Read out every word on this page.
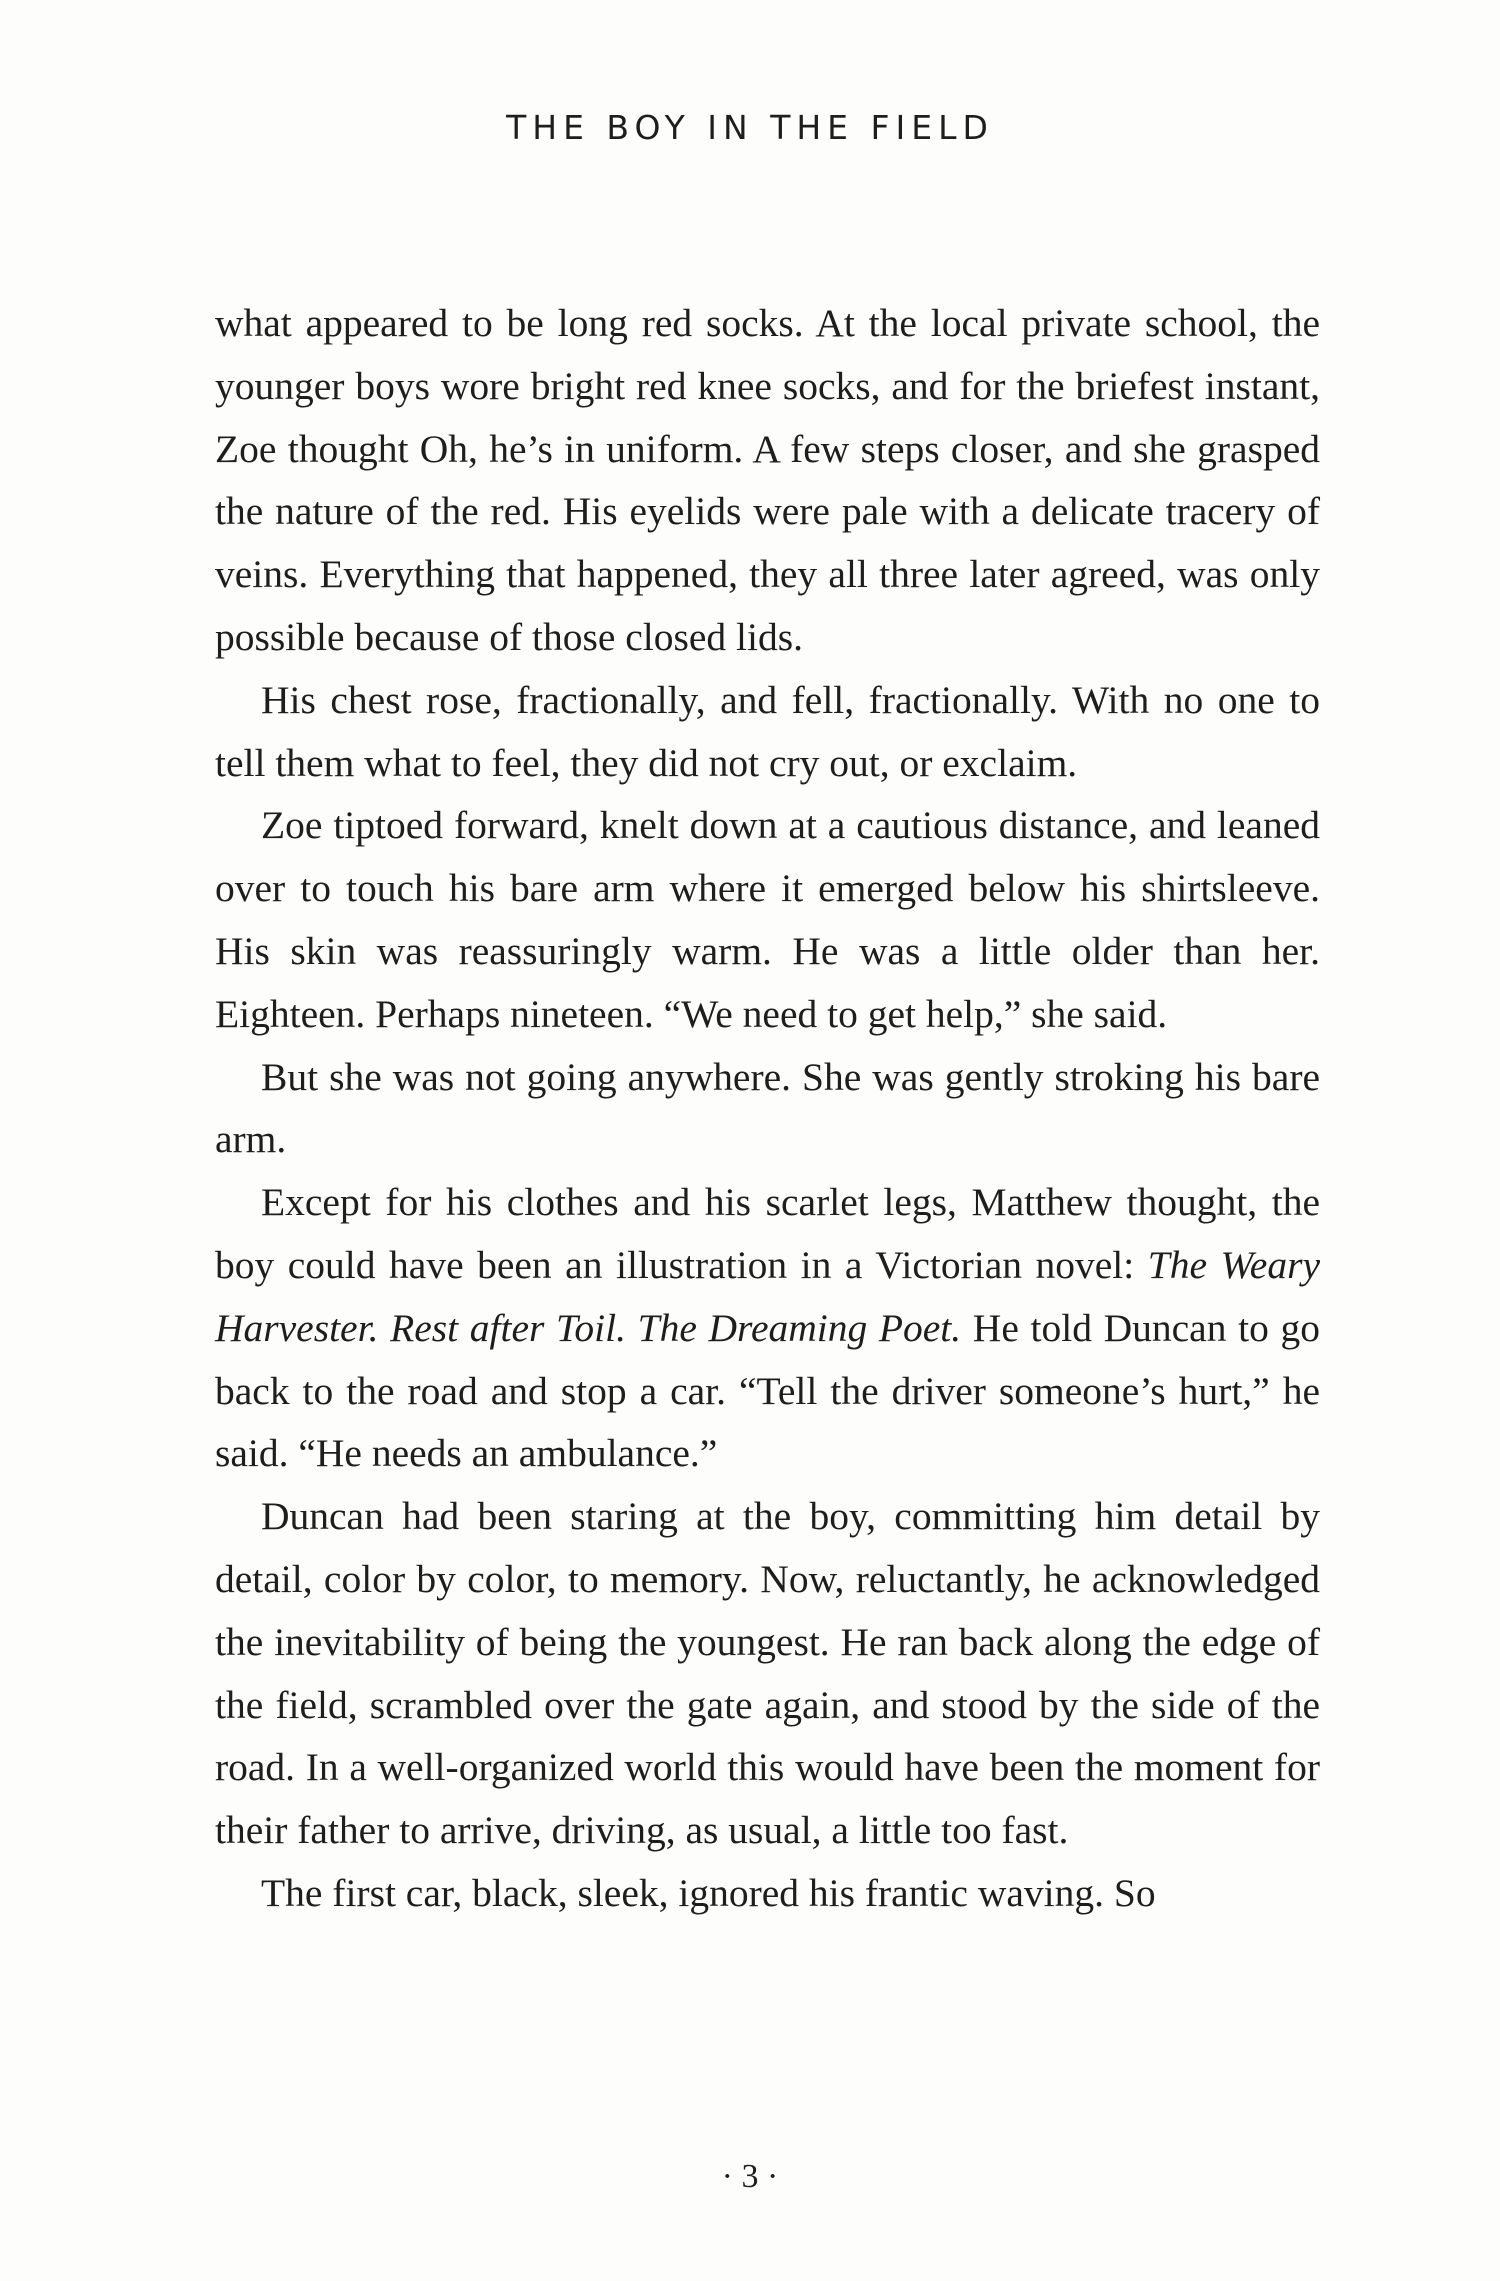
THE BOY IN THE FIELD

what appeared to be long red socks. At the local private school, the younger boys wore bright red knee socks, and for the briefest instant, Zoe thought Oh, he’s in uniform. A few steps closer, and she grasped the nature of the red. His eyelids were pale with a delicate tracery of veins. Everything that happened, they all three later agreed, was only possible because of those closed lids.

His chest rose, fractionally, and fell, fractionally. With no one to tell them what to feel, they did not cry out, or exclaim.

Zoe tiptoed forward, knelt down at a cautious distance, and leaned over to touch his bare arm where it emerged below his shirtsleeve. His skin was reassuringly warm. He was a little older than her. Eighteen. Perhaps nineteen. “We need to get help,” she said.

But she was not going anywhere. She was gently stroking his bare arm.

Except for his clothes and his scarlet legs, Matthew thought, the boy could have been an illustration in a Victorian novel: The Weary Harvester. Rest after Toil. The Dreaming Poet. He told Duncan to go back to the road and stop a car. “Tell the driver someone’s hurt,” he said. “He needs an ambulance.”

Duncan had been staring at the boy, committing him detail by detail, color by color, to memory. Now, reluctantly, he acknowledged the inevitability of being the youngest. He ran back along the edge of the field, scrambled over the gate again, and stood by the side of the road. In a well-organized world this would have been the moment for their father to arrive, driving, as usual, a little too fast.

The first car, black, sleek, ignored his frantic waving. So

· 3 ·
